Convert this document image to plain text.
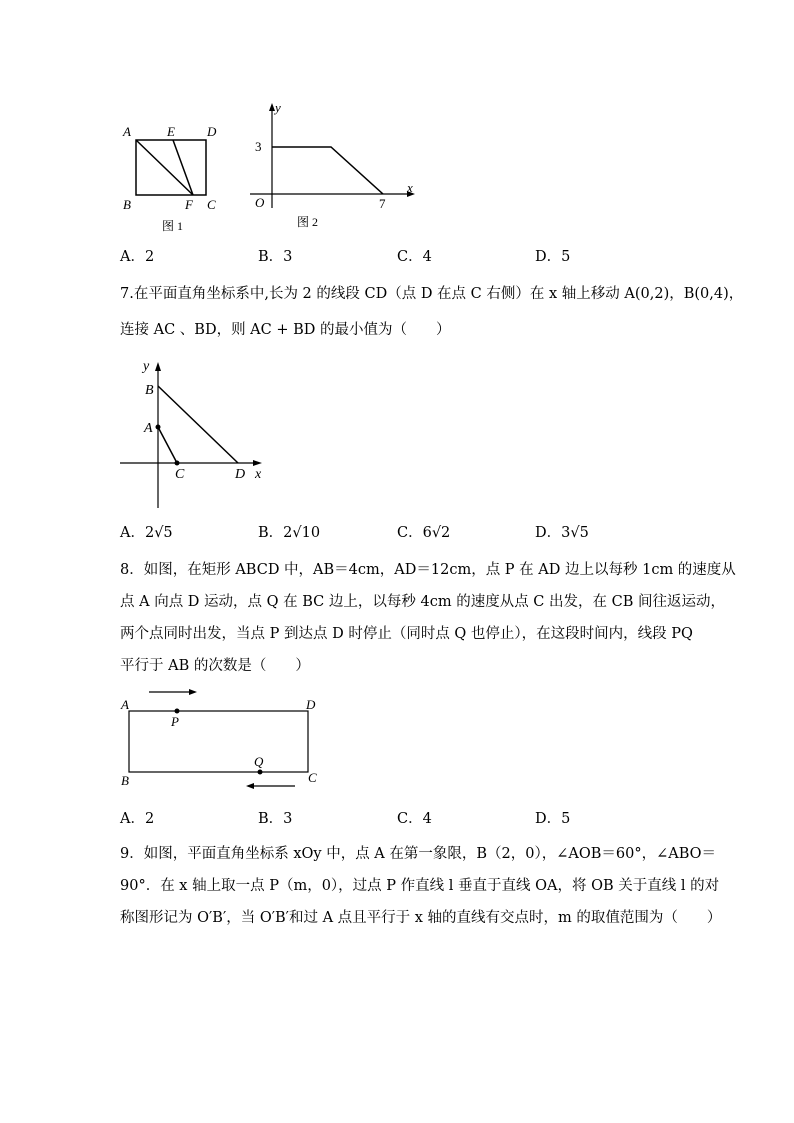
A	E D
B	F C
图 1
y
x
O
3
7
图 2
A．2	B．3	C．4	D．5
7.在平面直角坐标系中,长为 2 的线段 CD（点 D 在点 C 右侧）在 x 轴上移动 A(0,2)，B(0,4)，
连接 AC 、BD，则 AC + BD 的最小值为（　　）
y
x
B
A
C	D
A．2√5	B．2√10	C．6√2	D．3√5
8．如图，在矩形 ABCD 中，AB＝4cm，AD＝12cm，点 P 在 AD 边上以每秒 1cm 的速度从
点 A 向点 D 运动，点 Q 在 BC 边上，以每秒 4cm 的速度从点 C 出发，在 CB 间往返运动，
两个点同时出发，当点 P 到达点 D 时停止（同时点 Q 也停止），在这段时间内，线段 PQ
平行于 AB 的次数是（　　）
A	D
P
Q
B	C
A．2	B．3	C．4	D．5
9．如图，平面直角坐标系 xOy 中，点 A 在第一象限，B（2，0），∠AOB＝60°，∠ABO＝
90°．在 x 轴上取一点 P（m，0），过点 P 作直线 l 垂直于直线 OA，将 OB 关于直线 l 的对
称图形记为 O′B′，当 O′B′和过 A 点且平行于 x 轴的直线有交点时，m 的取值范围为（　　）
